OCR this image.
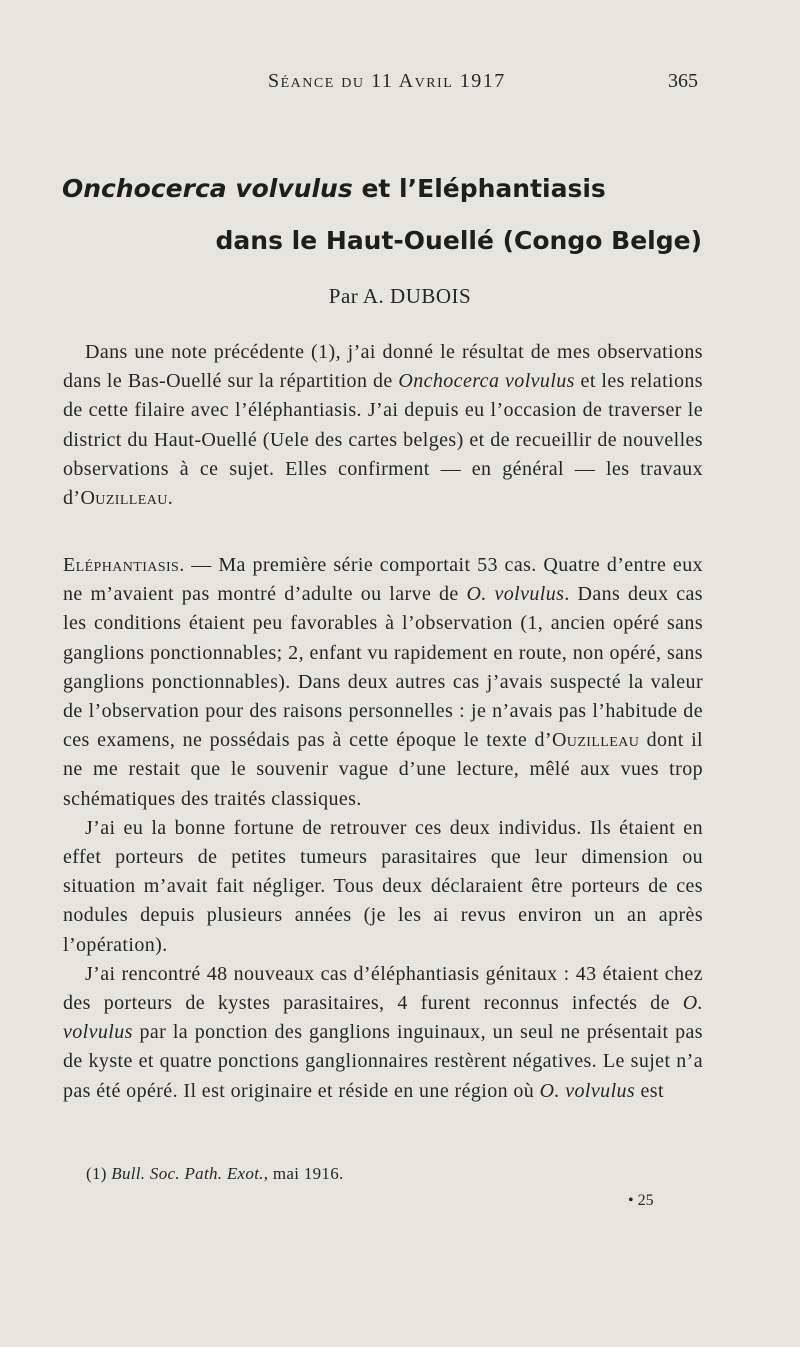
Séance du 11 Avril 1917	365
Onchocerca volvulus et l’Eléphantiasis
dans le Haut-Ouellé (Congo Belge)
Par A. DUBOIS

Dans une note précédente (1), j’ai donné le résultat de mes observations dans le Bas-Ouellé sur la répartition de Onchocerca volvulus et les relations de cette filaire avec l’éléphantiasis. J’ai depuis eu l’occasion de traverser le district du Haut-Ouellé (Uele des cartes belges) et de recueillir de nouvelles observations à ce sujet. Elles confirment — en général — les travaux d’Ouzilleau.

Eléphantiasis. — Ma première série comportait 53 cas. Quatre d’entre eux ne m’avaient pas montré d’adulte ou larve de O. volvulus. Dans deux cas les conditions étaient peu favorables à l’observation (1, ancien opéré sans ganglions ponctionnables; 2, enfant vu rapidement en route, non opéré, sans ganglions ponctionnables). Dans deux autres cas j’avais suspecté la valeur de l’observation pour des raisons personnelles : je n’avais pas l’habitude de ces examens, ne possédais pas à cette époque le texte d’Ouzilleau dont il ne me restait que le souvenir vague d’une lecture, mêlé aux vues trop schématiques des traités classiques.

J’ai eu la bonne fortune de retrouver ces deux individus. Ils étaient en effet porteurs de petites tumeurs parasitaires que leur dimension ou situation m’avait fait négliger. Tous deux déclaraient être porteurs de ces nodules depuis plusieurs années (je les ai revus environ un an après l’opération).

J’ai rencontré 48 nouveaux cas d’éléphantiasis génitaux : 43 étaient chez des porteurs de kystes parasitaires, 4 furent reconnus infectés de O. volvulus par la ponction des ganglions inguinaux, un seul ne présentait pas de kyste et quatre ponctions ganglionnaires restèrent négatives. Le sujet n’a pas été opéré. Il est originaire et réside en une région où O. volvulus est

(1) Bull. Soc. Path. Exot., mai 1916.
• 25
